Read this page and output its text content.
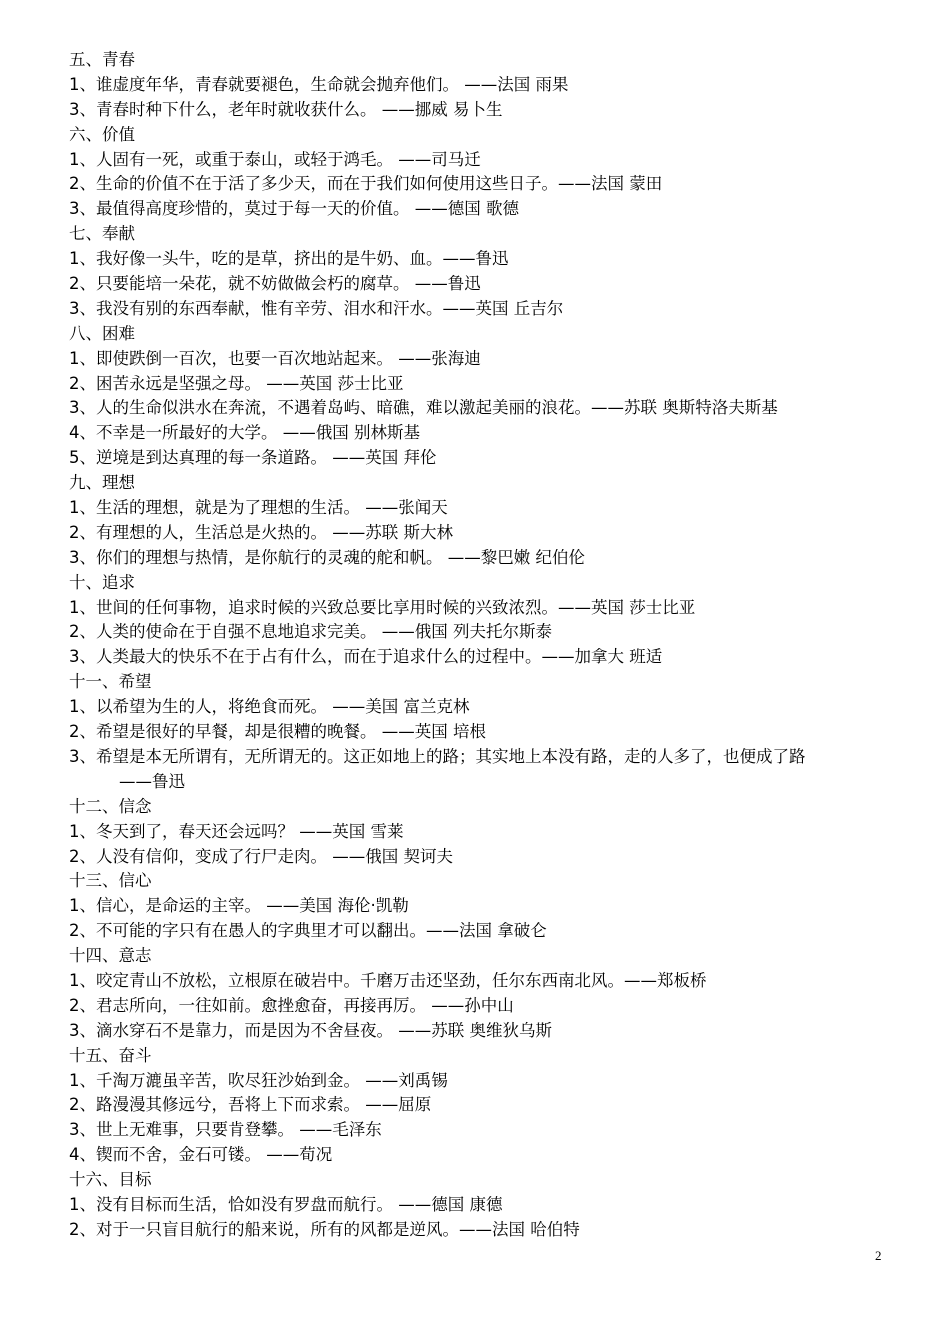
五、青春
1、谁虚度年华，青春就要褪色，生命就会抛弃他们。 ——法国 雨果
3、青春时种下什么，老年时就收获什么。 ——挪威 易卜生
六、价值
1、人固有一死，或重于泰山，或轻于鸿毛。 ——司马迁
2、生命的价值不在于活了多少天，而在于我们如何使用这些日子。——法国 蒙田
3、最值得高度珍惜的，莫过于每一天的价值。 ——德国 歌德
七、奉献
1、我好像一头牛，吃的是草，挤出的是牛奶、血。——鲁迅
2、只要能培一朵花，就不妨做做会朽的腐草。 ——鲁迅
3、我没有别的东西奉献，惟有辛劳、泪水和汗水。——英国 丘吉尔
八、困难
1、即使跌倒一百次，也要一百次地站起来。 ——张海迪
2、困苦永远是坚强之母。 ——英国 莎士比亚
3、人的生命似洪水在奔流，不遇着岛屿、暗礁，难以激起美丽的浪花。——苏联 奥斯特洛夫斯基
4、不幸是一所最好的大学。 ——俄国 别林斯基
5、逆境是到达真理的每一条道路。 ——英国 拜伦
九、理想
1、生活的理想，就是为了理想的生活。 ——张闻天
2、有理想的人，生活总是火热的。 ——苏联 斯大林
3、你们的理想与热情，是你航行的灵魂的舵和帆。 ——黎巴嫩 纪伯伦
十、追求
1、世间的任何事物，追求时候的兴致总要比享用时候的兴致浓烈。——英国 莎士比亚
2、人类的使命在于自强不息地追求完美。 ——俄国 列夫托尔斯泰
3、人类最大的快乐不在于占有什么，而在于追求什么的过程中。——加拿大 班适
十一、希望
1、以希望为生的人，将绝食而死。 ——美国 富兰克林
2、希望是很好的早餐，却是很糟的晚餐。 ——英国 培根
3、希望是本无所谓有，无所谓无的。这正如地上的路；其实地上本没有路，走的人多了，也便成了路
——鲁迅
十二、信念
1、冬天到了，春天还会远吗？ ——英国 雪莱
2、人没有信仰，变成了行尸走肉。 ——俄国 契诃夫
十三、信心
1、信心，是命运的主宰。 ——美国 海伦·凯勒
2、不可能的字只有在愚人的字典里才可以翻出。——法国 拿破仑
十四、意志
1、咬定青山不放松，立根原在破岩中。千磨万击还坚劲，任尔东西南北风。——郑板桥
2、君志所向，一往如前。愈挫愈奋，再接再厉。 ——孙中山
3、滴水穿石不是靠力，而是因为不舍昼夜。 ——苏联 奥维狄乌斯
十五、奋斗
1、千淘万漉虽辛苦，吹尽狂沙始到金。 ——刘禹锡
2、路漫漫其修远兮，吾将上下而求索。 ——屈原
3、世上无难事，只要肯登攀。 ——毛泽东
4、锲而不舍，金石可镂。 ——荀况
十六、目标
1、没有目标而生活，恰如没有罗盘而航行。 ——德国 康德
2、对于一只盲目航行的船来说，所有的风都是逆风。——法国 哈伯特
2
